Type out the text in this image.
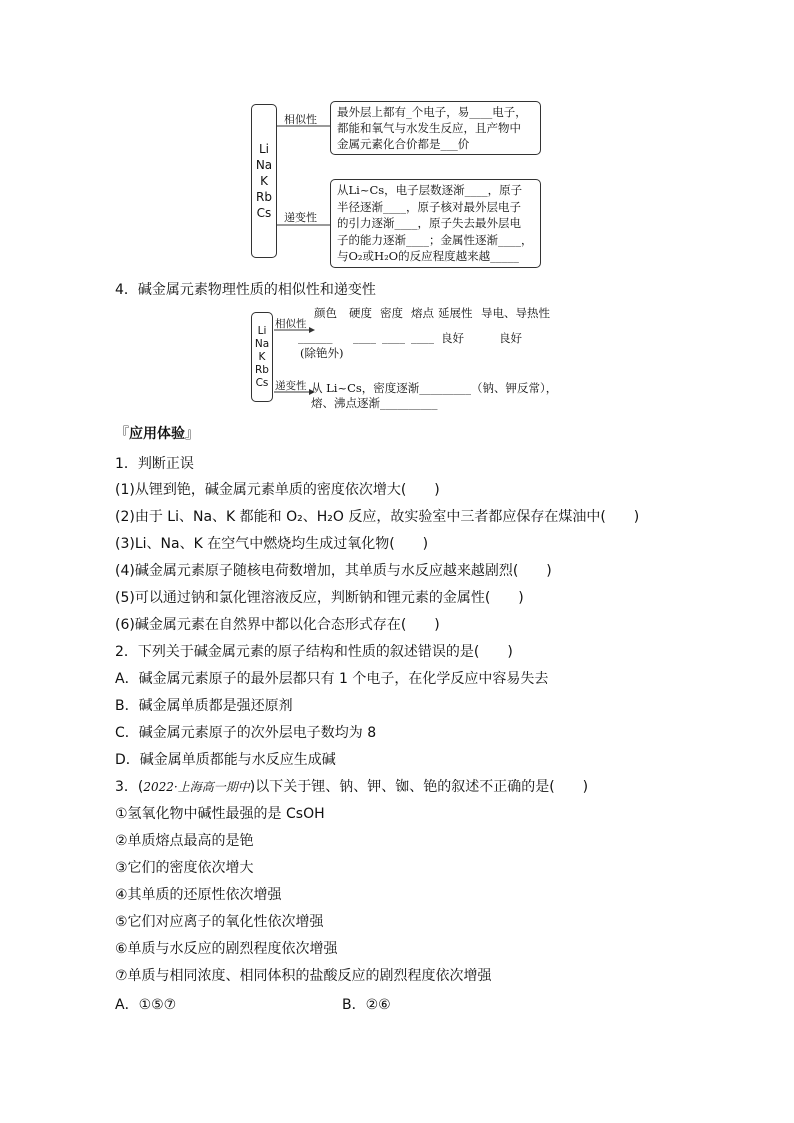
Li
Na
K
Rb
Cs
相似性
递变性
最外层上都有_个电子，易____电子，
都能和氧气与水发生反应，且产物中
金属元素化合价都是___价
从Li~Cs，电子层数逐渐____，原子
半径逐渐____，原子核对最外层电子
的引力逐渐____，原子失去最外层电
子的能力逐渐____；金属性逐渐____，
与O₂或H₂O的反应程度越来越_____
4．碱金属元素物理性质的相似性和递变性
Li
Na
K
Rb
Cs
相似性
递变性
颜色 硬度 密度 熔点 延展性 导电、导热性
______ ____ ____ ____ 良好	良好
(除铯外)
从 Li~Cs，密度逐渐_________（钠、钾反常），
熔、沸点逐渐__________
『应用体验』
1．判断正误
(1)从锂到铯，碱金属元素单质的密度依次增大(　　)
(2)由于 Li、Na、K 都能和 O₂、H₂O 反应，故实验室中三者都应保存在煤油中(　　)
(3)Li、Na、K 在空气中燃烧均生成过氧化物(　　)
(4)碱金属元素原子随核电荷数增加，其单质与水反应越来越剧烈(　　)
(5)可以通过钠和氯化锂溶液反应，判断钠和锂元素的金属性(　　)
(6)碱金属元素在自然界中都以化合态形式存在(　　)
2．下列关于碱金属元素的原子结构和性质的叙述错误的是(　　)
A．碱金属元素原子的最外层都只有 1 个电子，在化学反应中容易失去
B．碱金属单质都是强还原剂
C．碱金属元素原子的次外层电子数均为 8
D．碱金属单质都能与水反应生成碱
3．(2022·上海高一期中)以下关于锂、钠、钾、铷、铯的叙述不正确的是(　　)
①氢氧化物中碱性最强的是 CsOH
②单质熔点最高的是铯
③它们的密度依次增大
④其单质的还原性依次增强
⑤它们对应离子的氧化性依次增强
⑥单质与水反应的剧烈程度依次增强
⑦单质与相同浓度、相同体积的盐酸反应的剧烈程度依次增强
A．①⑤⑦	B．②⑥
